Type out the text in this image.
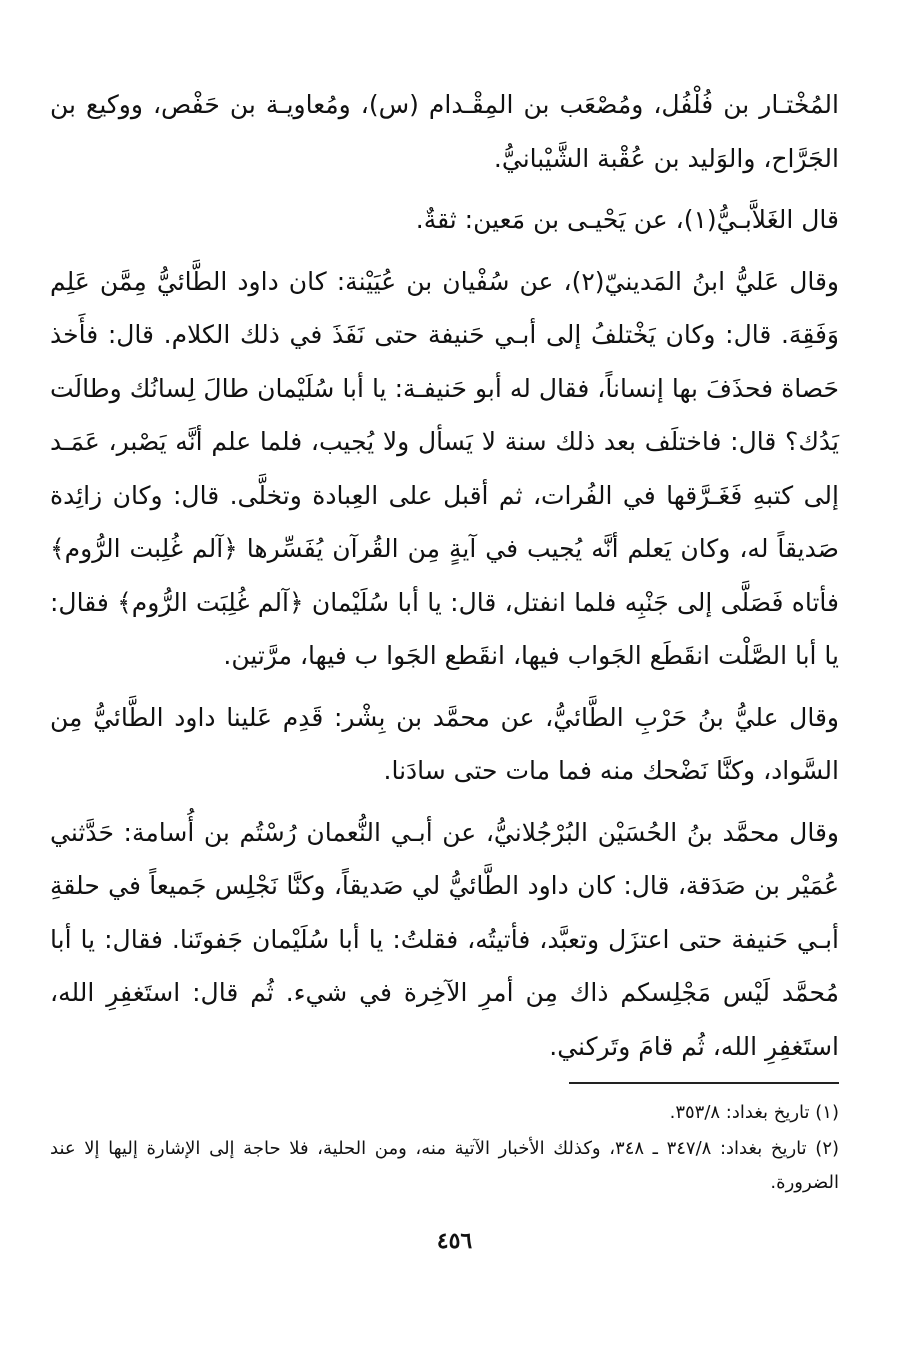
المُخْتـار بن فُلْفُل، ومُصْعَب بن المِقْـدام (س)، ومُعاويـة بن حَفْص، ووكيع بن الجَرَّاح، والوَليد بن عُقْبة الشَّيْبانيُّ.

قال الغَلاَّبـيُّ(١)، عن يَحْيـى بن مَعين: ثقةٌ.

وقال عَليُّ ابنُ المَدينيّ(٢)، عن سُفْيان بن عُيَيْنة: كان داود الطَّائيُّ مِمَّن عَلِم وَفَقِهَ. قال: وكان يَخْتلفُ إلى أبـي حَنيفة حتى نَفَذَ في ذلك الكلام. قال: فأَخذ حَصاة فحذَفَ بها إنساناً، فقال له أبو حَنيفـة: يا أبا سُلَيْمان طالَ لِسانُك وطالَت يَدُك؟ قال: فاختلَف بعد ذلك سنة لا يَسأل ولا يُجيب، فلما علم أنَّه يَصْبر، عَمَـد إلى كتبهِ فَغَـرَّقها في الفُرات، ثم أقبل على العِبادة وتخلَّى. قال: وكان زائِدة صَديقاً له، وكان يَعلم أنَّه يُجيب في آيةٍ مِن القُرآن يُفَسِّرها ﴿آلم غُلِبت الرُّوم﴾ فأتاه فَصَلَّى إلى جَنْبِه فلما انفتل، قال: يا أبا سُلَيْمان ﴿آلم غُلِبَت الرُّوم﴾ فقال: يا أبا الصَّلْت انقَطَع الجَواب فيها، انقَطع الجَوا ب فيها، مرَّتين.

وقال عليُّ بنُ حَرْبِ الطَّائيُّ، عن محمَّد بن بِشْر: قَدِم عَلينا داود الطَّائيُّ مِن السَّواد، وكنَّا نَضْحك منه فما مات حتى سادَنا.

وقال محمَّد بنُ الحُسَيْن البُرْجُلانيُّ، عن أبـي النُّعمان رُسْتُم بن أُسامة: حَدَّثني عُمَيْر بن صَدَقة، قال: كان داود الطَّائيُّ لي صَديقاً، وكنَّا نَجْلِس جَميعاً في حلقةِ أبـي حَنيفة حتى اعتزَل وتعبَّد، فأتيتُه، فقلتُ: يا أبا سُلَيْمان جَفوتَنا. فقال: يا أبا مُحمَّد لَيْس مَجْلِسكم ذاك مِن أمرِ الآخِرة في شيء. ثُم قال: استَغفِرِ الله، استَغفِرِ الله، ثُم قامَ وتَركني.

(١) تاريخ بغداد: ٣٥٣/٨.

(٢) تاريخ بغداد: ٣٤٧/٨ ـ ٣٤٨، وكذلك الأخبار الآتية منه، ومن الحلية، فلا حاجة إلى الإشارة إليها إلا عند الضرورة.

٤٥٦
